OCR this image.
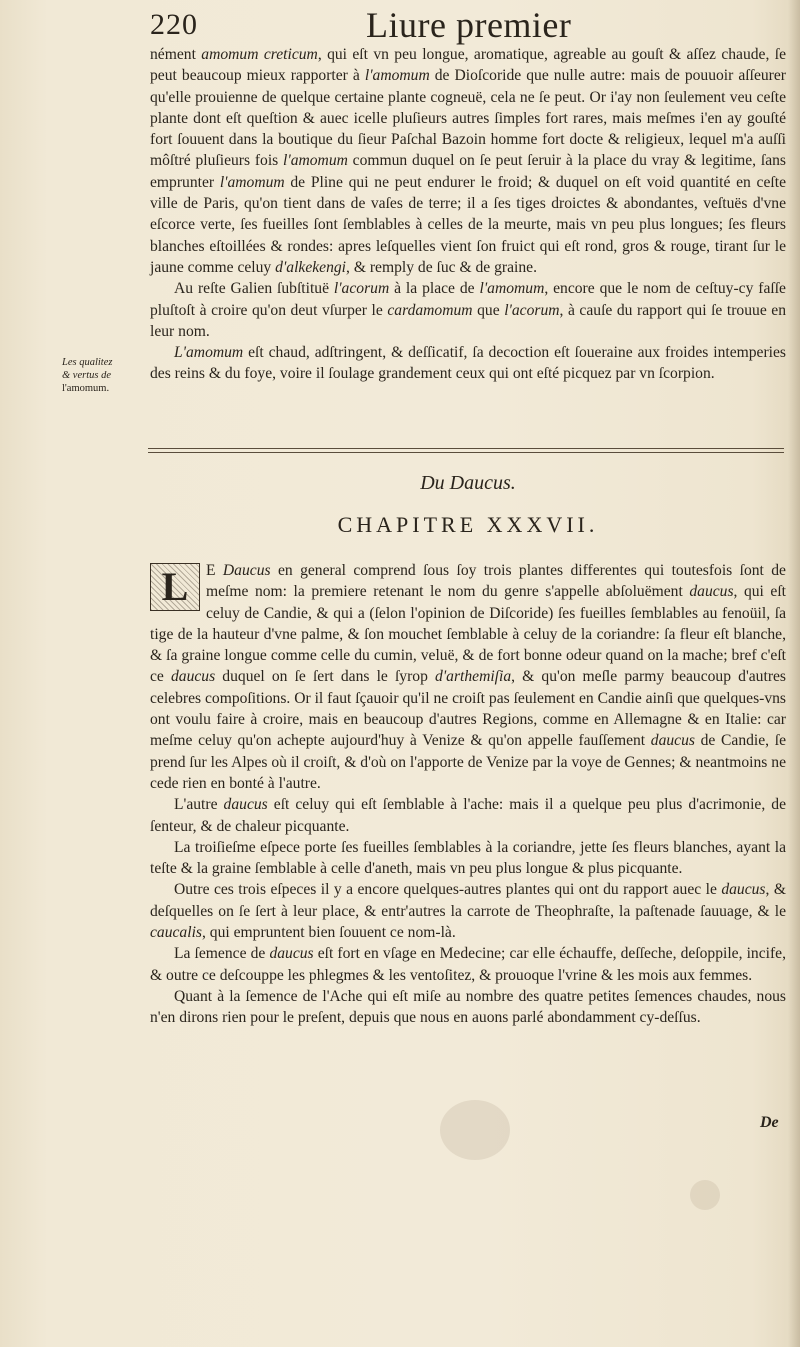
220	Liure premier

nément amomum creticum, qui eſt vn peu longue, aromatique, agreable au gouſt & aſſez chaude, ſe peut beaucoup mieux rapporter à l'amomum de Dioſcoride que nulle autre: mais de pouuoir aſſeurer qu'elle prouienne de quelque certaine plante cogneuë, cela ne ſe peut. Or i'ay non ſeulement veu ceſte plante dont eſt queſtion & auec icelle pluſieurs autres ſimples fort rares, mais meſmes i'en ay gouſté fort ſouuent dans la boutique du ſieur Paſchal Bazoin homme fort docte & religieux, lequel m'a auſſi môſtré pluſieurs fois l'amomum commun duquel on ſe peut ſeruir à la place du vray & legitime, ſans emprunter l'amomum de Pline qui ne peut endurer le froid; & duquel on eſt void quantité en ceſte ville de Paris, qu'on tient dans de vaſes de terre; il a ſes tiges droictes & abondantes, veſtuës d'vne eſcorce verte, ſes fueilles ſont ſemblables à celles de la meurte, mais vn peu plus longues; ſes fleurs blanches eſtoillées & rondes: apres leſquelles vient ſon fruict qui eſt rond, gros & rouge, tirant ſur le jaune comme celuy d'alkekengi, & remply de ſuc & de graine.

Au reſte Galien ſubſtituë l'acorum à la place de l'amomum, encore que le nom de ceſtuy-cy faſſe pluſtoſt à croire qu'on deut vſurper le cardamomum que l'acorum, à cauſe du rapport qui ſe trouue en leur nom.

L'amomum eſt chaud, adſtringent, & deſſicatif, ſa decoction eſt ſoueraine aux froides intemperies des reins & du foye, voire il ſoulage grandement ceux qui ont eſté picquez par vn ſcorpion.

Les qualitez
& vertus de
l'amomum.
Du Daucus.
CHAPITRE XXXVII.

L	E Daucus en general comprend ſous ſoy trois plantes differentes qui toutesfois ſont de meſme nom: la premiere retenant le nom du genre s'appelle abſoluëment daucus, qui eſt celuy de Candie, & qui a (ſelon l'opinion de Diſcoride) ſes fueilles ſemblables au fenoüil, ſa tige de la hauteur d'vne palme, & ſon mouchet ſemblable à celuy de la coriandre: ſa fleur eſt blanche, & ſa graine longue comme celle du cumin, veluë, & de fort bonne odeur quand on la mache; bref c'eſt ce daucus duquel on ſe ſert dans le ſyrop d'arthemiſia, & qu'on meſle parmy beaucoup d'autres celebres compoſitions. Or il faut ſçauoir qu'il ne croiſt pas ſeulement en Candie ainſi que quelques-vns ont voulu faire à croire, mais en beaucoup d'autres Regions, comme en Allemagne & en Italie: car meſme celuy qu'on achepte aujourd'huy à Venize & qu'on appelle fauſſement daucus de Candie, ſe prend ſur les Alpes où il croiſt, & d'où on l'apporte de Venize par la voye de Gennes; & neantmoins ne cede rien en bonté à l'autre.

L'autre daucus eſt celuy qui eſt ſemblable à l'ache: mais il a quelque peu plus d'acrimonie, de ſenteur, & de chaleur picquante.

La troiſieſme eſpece porte ſes fueilles ſemblables à la coriandre, jette ſes fleurs blanches, ayant la teſte & la graine ſemblable à celle d'aneth, mais vn peu plus longue & plus picquante.

Outre ces trois eſpeces il y a encore quelques-autres plantes qui ont du rapport auec le daucus, & deſquelles on ſe ſert à leur place, & entr'autres la carrote de Theophraſte, la paſtenade ſauuage, & le caucalis, qui empruntent bien ſouuent ce nom-là.

La ſemence de daucus eſt fort en vſage en Medecine; car elle échauffe, deſſeche, deſoppile, incife, & outre ce deſcouppe les phlegmes & les ventoſitez, & prouoque l'vrine & les mois aux femmes.

Quant à la ſemence de l'Ache qui eſt miſe au nombre des quatre petites ſemences chaudes, nous n'en dirons rien pour le preſent, depuis que nous en auons parlé abondamment cy-deſſus.

De
